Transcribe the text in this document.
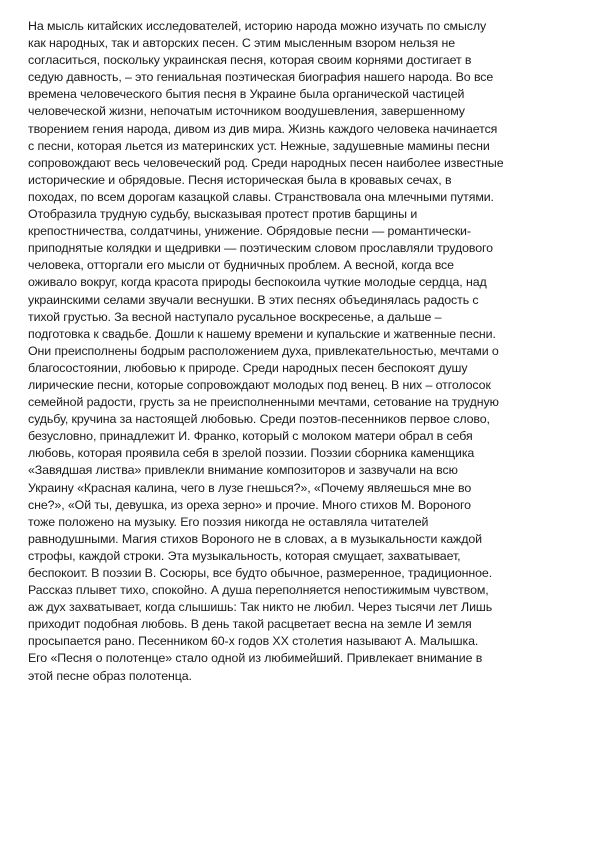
На мысль китайских исследователей, историю народа можно изучать по смыслу
как народных, так и авторских песен. С этим мысленным взором нельзя не
согласиться, поскольку украинская песня, которая своим корнями достигает в
седую давность, – это гениальная поэтическая биография нашего народа. Во все
времена человеческого бытия песня в Украине была органической частицей
человеческой жизни, непочатым источником воодушевления, завершенному
творением гения народа, дивом из див мира. Жизнь каждого человека начинается
с песни, которая льется из материнских уст. Нежные, задушевные мамины песни
сопровождают весь человеческий род. Среди народных песен наиболее известные
исторические и обрядовые. Песня историческая была в кровавых сечах, в
походах, по всем дорогам казацкой славы. Странствовала она млечными путями.
Отобразила трудную судьбу, высказывая протест против барщины и
крепостничества, солдатчины, унижение. Обрядовые песни — романтически-
приподнятые колядки и щедривки — поэтическим словом прославляли трудового
человека, отторгали его мысли от будничных проблем. А весной, когда все
оживало вокруг, когда красота природы беспокоила чуткие молодые сердца, над
украинскими селами звучали веснушки. В этих песнях объединялась радость с
тихой грустью. За весной наступало русальное воскресенье, а дальше –
подготовка к свадьбе. Дошли к нашему времени и купальские и жатвенные песни.
Они преисполнены бодрым расположением духа, привлекательностью, мечтами о
благосостоянии, любовью к природе. Среди народных песен беспокоят душу
лирические песни, которые сопровождают молодых под венец. В них – отголосок
семейной радости, грусть за не преисполненными мечтами, сетование на трудную
судьбу, кручина за настоящей любовью. Среди поэтов-песенников первое слово,
безусловно, принадлежит И. Франко, который с молоком матери обрал в себя
любовь, которая проявила себя в зрелой поэзии. Поэзии сборника каменщика
«Завядшая листва» привлекли внимание композиторов и зазвучали на всю
Украину «Красная калина, чего в лузе гнешься?», «Почему являешься мне во
сне?», «Ой ты, девушка, из ореха зерно» и прочие. Много стихов М. Вороного
тоже положено на музыку. Его поэзия никогда не оставляла читателей
равнодушными. Магия стихов Вороного не в словах, а в музыкальности каждой
строфы, каждой строки. Эта музыкальность, которая смущает, захватывает,
беспокоит. В поэзии В. Сосюры, все будто обычное, размеренное, традиционное.
Рассказ плывет тихо, спокойно. А душа переполняется непостижимым чувством,
аж дух захватывает, когда слышишь: Так никто не любил. Через тысячи лет Лишь
приходит подобная любовь. В день такой расцветает весна на земле И земля
просыпается рано. Песенником 60-х годов XX столетия называют А. Малышка.
Его «Песня о полотенце» стало одной из любимейший. Привлекает внимание в
этой песне образ полотенца.
